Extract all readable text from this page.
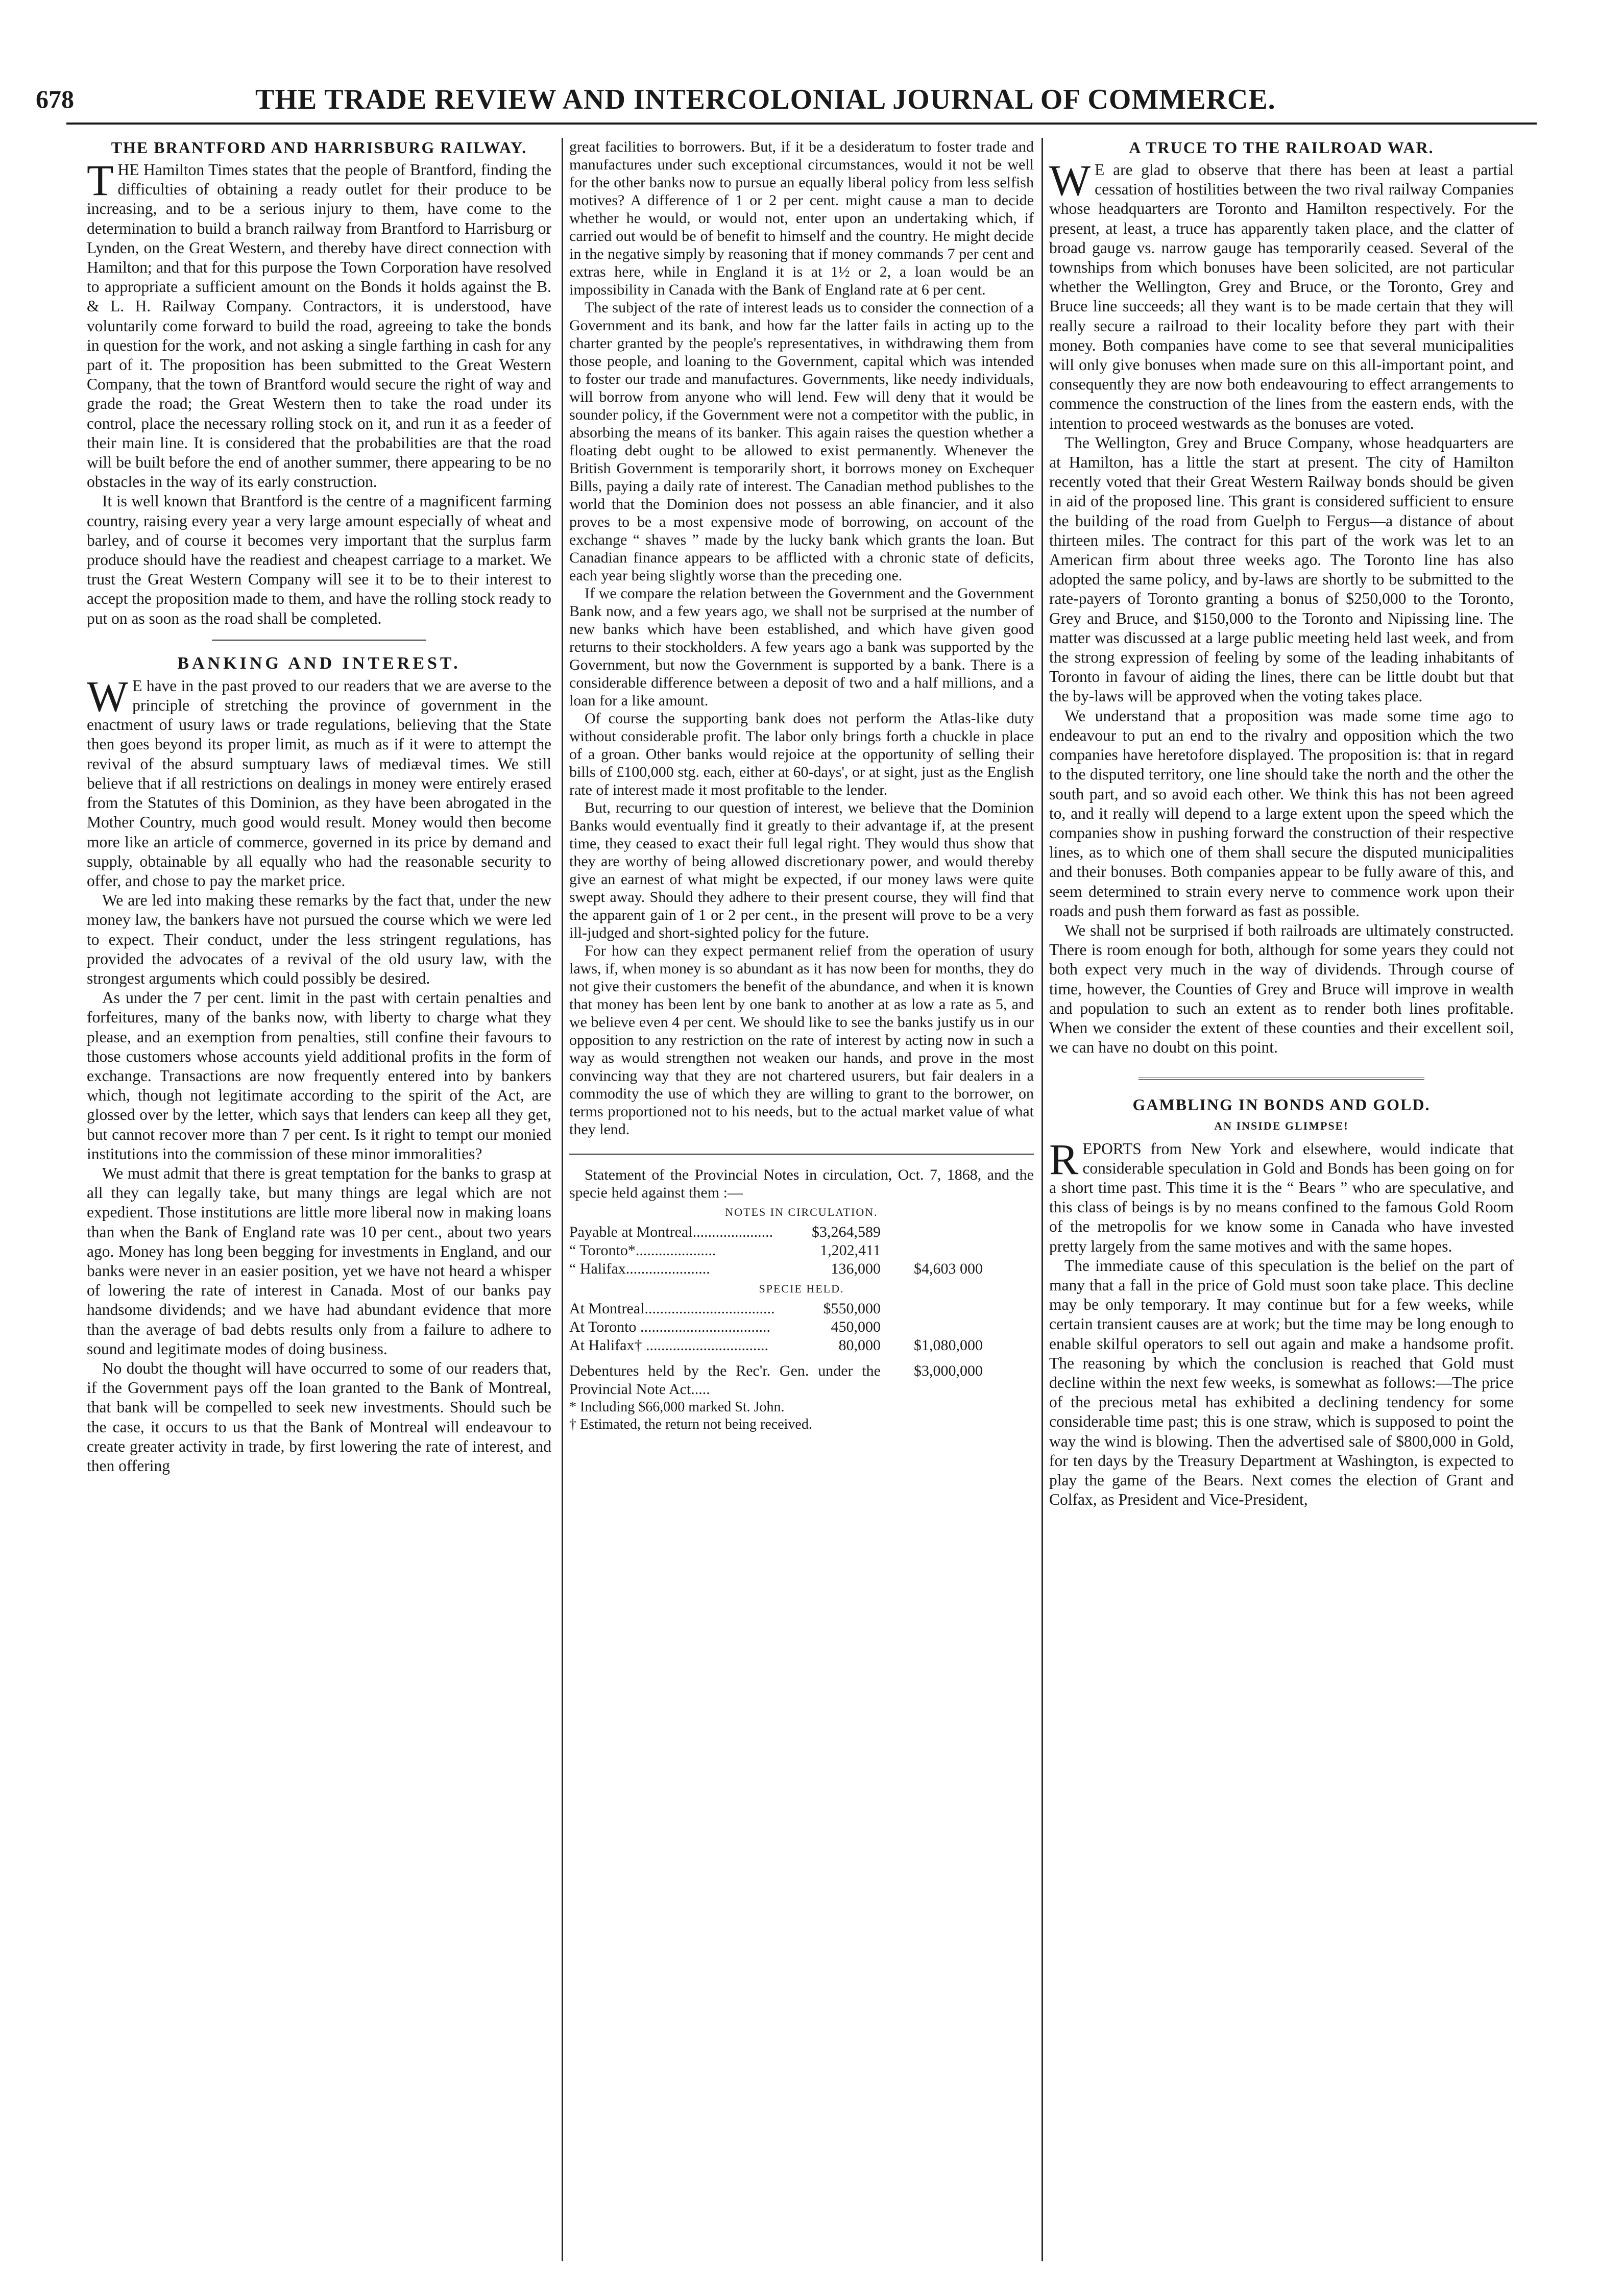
678	THE TRADE REVIEW AND INTERCOLONIAL JOURNAL OF COMMERCE.
THE BRANTFORD AND HARRISBURG RAILWAY.

THE Hamilton Times states that the people of Brantford, finding the difficulties of obtaining a ready outlet for their produce to be increasing, and to be a serious injury to them, have come to the determination to build a branch railway from Brantford to Harrisburg or Lynden, on the Great Western, and thereby have direct connection with Hamilton; and that for this purpose the Town Corporation have resolved to appropriate a sufficient amount on the Bonds it holds against the B. & L. H. Railway Company. Contractors, it is understood, have voluntarily come forward to build the road, agreeing to take the bonds in question for the work, and not asking a single farthing in cash for any part of it. The proposition has been submitted to the Great Western Company, that the town of Brantford would secure the right of way and grade the road; the Great Western then to take the road under its control, place the necessary rolling stock on it, and run it as a feeder of their main line. It is considered that the probabilities are that the road will be built before the end of another summer, there appearing to be no obstacles in the way of its early construction.

It is well known that Brantford is the centre of a magnificent farming country, raising every year a very large amount especially of wheat and barley, and of course it becomes very important that the surplus farm produce should have the readiest and cheapest carriage to a market. We trust the Great Western Company will see it to be to their interest to accept the proposition made to them, and have the rolling stock ready to put on as soon as the road shall be completed.

BANKING AND INTEREST.

W E have in the past proved to our readers that we are averse to the principle of stretching the province of government in the enactment of usury laws or trade regulations, believing that the State then goes beyond its proper limit, as much as if it were to attempt the revival of the absurd sumptuary laws of mediæval times. We still believe that if all restrictions on dealings in money were entirely erased from the Statutes of this Dominion, as they have been abrogated in the Mother Country, much good would result. Money would then become more like an article of commerce, governed in its price by demand and supply, obtainable by all equally who had the reasonable security to offer, and chose to pay the market price.

We are led into making these remarks by the fact that, under the new money law, the bankers have not pursued the course which we were led to expect. Their conduct, under the less stringent regulations, has provided the advocates of a revival of the old usury law, with the strongest arguments which could possibly be desired.

As under the 7 per cent. limit in the past with certain penalties and forfeitures, many of the banks now, with liberty to charge what they please, and an exemption from penalties, still confine their favours to those customers whose accounts yield additional profits in the form of exchange. Transactions are now frequently entered into by bankers which, though not legitimate according to the spirit of the Act, are glossed over by the letter, which says that lenders can keep all they get, but cannot recover more than 7 per cent. Is it right to tempt our monied institutions into the commission of these minor immoralities?

We must admit that there is great temptation for the banks to grasp at all they can legally take, but many things are legal which are not expedient. Those institutions are little more liberal now in making loans than when the Bank of England rate was 10 per cent., about two years ago. Money has long been begging for investments in England, and our banks were never in an easier position, yet we have not heard a whisper of lowering the rate of interest in Canada. Most of our banks pay handsome dividends; and we have had abundant evidence that more than the average of bad debts results only from a failure to adhere to sound and legitimate modes of doing business.

No doubt the thought will have occurred to some of our readers that, if the Government pays off the loan granted to the Bank of Montreal, that bank will be compelled to seek new investments. Should such be the case, it occurs to us that the Bank of Montreal will endeavour to create greater activity in trade, by first lowering the rate of interest, and then offering

great facilities to borrowers. But, if it be a desideratum to foster trade and manufactures under such exceptional circumstances, would it not be well for the other banks now to pursue an equally liberal policy from less selfish motives? A difference of 1 or 2 per cent. might cause a man to decide whether he would, or would not, enter upon an undertaking which, if carried out would be of benefit to himself and the country. He might decide in the negative simply by reasoning that if money commands 7 per cent and extras here, while in England it is at 1½ or 2, a loan would be an impossibility in Canada with the Bank of England rate at 6 per cent.

The subject of the rate of interest leads us to consider the connection of a Government and its bank, and how far the latter fails in acting up to the charter granted by the people's representatives, in withdrawing them from those people, and loaning to the Government, capital which was intended to foster our trade and manufactures. Governments, like needy individuals, will borrow from anyone who will lend. Few will deny that it would be sounder policy, if the Government were not a competitor with the public, in absorbing the means of its banker. This again raises the question whether a floating debt ought to be allowed to exist permanently. Whenever the British Government is temporarily short, it borrows money on Exchequer Bills, paying a daily rate of interest. The Canadian method publishes to the world that the Dominion does not possess an able financier, and it also proves to be a most expensive mode of borrowing, on account of the exchange “ shaves ” made by the lucky bank which grants the loan. But Canadian finance appears to be afflicted with a chronic state of deficits, each year being slightly worse than the preceding one.

If we compare the relation between the Government and the Government Bank now, and a few years ago, we shall not be surprised at the number of new banks which have been established, and which have given good returns to their stockholders. A few years ago a bank was supported by the Government, but now the Government is supported by a bank. There is a considerable difference between a deposit of two and a half millions, and a loan for a like amount.

Of course the supporting bank does not perform the Atlas-like duty without considerable profit. The labor only brings forth a chuckle in place of a groan. Other banks would rejoice at the opportunity of selling their bills of £100,000 stg. each, either at 60-days', or at sight, just as the English rate of interest made it most profitable to the lender.

But, recurring to our question of interest, we believe that the Dominion Banks would eventually find it greatly to their advantage if, at the present time, they ceased to exact their full legal right. They would thus show that they are worthy of being allowed discretionary power, and would thereby give an earnest of what might be expected, if our money laws were quite swept away. Should they adhere to their present course, they will find that the apparent gain of 1 or 2 per cent., in the present will prove to be a very ill-judged and short-sighted policy for the future.

For how can they expect permanent relief from the operation of usury laws, if, when money is so abundant as it has now been for months, they do not give their customers the benefit of the abundance, and when it is known that money has been lent by one bank to another at as low a rate as 5, and we believe even 4 per cent. We should like to see the banks justify us in our opposition to any restriction on the rate of interest by acting now in such a way as would strengthen not weaken our hands, and prove in the most convincing way that they are not chartered usurers, but fair dealers in a commodity the use of which they are willing to grant to the borrower, on terms proportioned not to his needs, but to the actual market value of what they lend.

Statement of the Provincial Notes in circulation, Oct. 7, 1868, and the specie held against them :—

NOTES IN CIRCULATION.
Payable at Montreal.....................	$3,264,589
“ Toronto*.....................	1,202,411
“ Halifax......................	136,000	$4,603 000
SPECIE HELD.
At Montreal..................................	$550,000
At Toronto ..................................	450,000
At Halifax† ................................	80,000	$1,080,000
Debentures held by the Rec'r. Gen. under the Provincial Note Act.....
$3,000,000
* Including $66,000 marked St. John.
† Estimated, the return not being received.
A TRUCE TO THE RAILROAD WAR.

W E are glad to observe that there has been at least a partial cessation of hostilities between the two rival railway Companies whose headquarters are Toronto and Hamilton respectively. For the present, at least, a truce has apparently taken place, and the clatter of broad gauge vs. narrow gauge has temporarily ceased. Several of the townships from which bonuses have been solicited, are not particular whether the Wellington, Grey and Bruce, or the Toronto, Grey and Bruce line succeeds; all they want is to be made certain that they will really secure a railroad to their locality before they part with their money. Both companies have come to see that several municipalities will only give bonuses when made sure on this all-important point, and consequently they are now both endeavouring to effect arrangements to commence the construction of the lines from the eastern ends, with the intention to proceed westwards as the bonuses are voted.

The Wellington, Grey and Bruce Company, whose headquarters are at Hamilton, has a little the start at present. The city of Hamilton recently voted that their Great Western Railway bonds should be given in aid of the proposed line. This grant is considered sufficient to ensure the building of the road from Guelph to Fergus—a distance of about thirteen miles. The contract for this part of the work was let to an American firm about three weeks ago. The Toronto line has also adopted the same policy, and by-laws are shortly to be submitted to the rate-payers of Toronto granting a bonus of $250,000 to the Toronto, Grey and Bruce, and $150,000 to the Toronto and Nipissing line. The matter was discussed at a large public meeting held last week, and from the strong expression of feeling by some of the leading inhabitants of Toronto in favour of aiding the lines, there can be little doubt but that the by-laws will be approved when the voting takes place.

We understand that a proposition was made some time ago to endeavour to put an end to the rivalry and opposition which the two companies have heretofore displayed. The proposition is: that in regard to the disputed territory, one line should take the north and the other the south part, and so avoid each other. We think this has not been agreed to, and it really will depend to a large extent upon the speed which the companies show in pushing forward the construction of their respective lines, as to which one of them shall secure the disputed municipalities and their bonuses. Both companies appear to be fully aware of this, and seem determined to strain every nerve to commence work upon their roads and push them forward as fast as possible.

We shall not be surprised if both railroads are ultimately constructed. There is room enough for both, although for some years they could not both expect very much in the way of dividends. Through course of time, however, the Counties of Grey and Bruce will improve in wealth and population to such an extent as to render both lines profitable. When we consider the extent of these counties and their excellent soil, we can have no doubt on this point.

GAMBLING IN BONDS AND GOLD.
AN INSIDE GLIMPSE!

REPORTS from New York and elsewhere, would indicate that considerable speculation in Gold and Bonds has been going on for a short time past. This time it is the “ Bears ” who are speculative, and this class of beings is by no means confined to the famous Gold Room of the metropolis for we know some in Canada who have invested pretty largely from the same motives and with the same hopes.

The immediate cause of this speculation is the belief on the part of many that a fall in the price of Gold must soon take place. This decline may be only temporary. It may continue but for a few weeks, while certain transient causes are at work; but the time may be long enough to enable skilful operators to sell out again and make a handsome profit. The reasoning by which the conclusion is reached that Gold must decline within the next few weeks, is somewhat as follows:—The price of the precious metal has exhibited a declining tendency for some considerable time past; this is one straw, which is supposed to point the way the wind is blowing. Then the advertised sale of $800,000 in Gold, for ten days by the Treasury Department at Washington, is expected to play the game of the Bears. Next comes the election of Grant and Colfax, as President and Vice-President,
